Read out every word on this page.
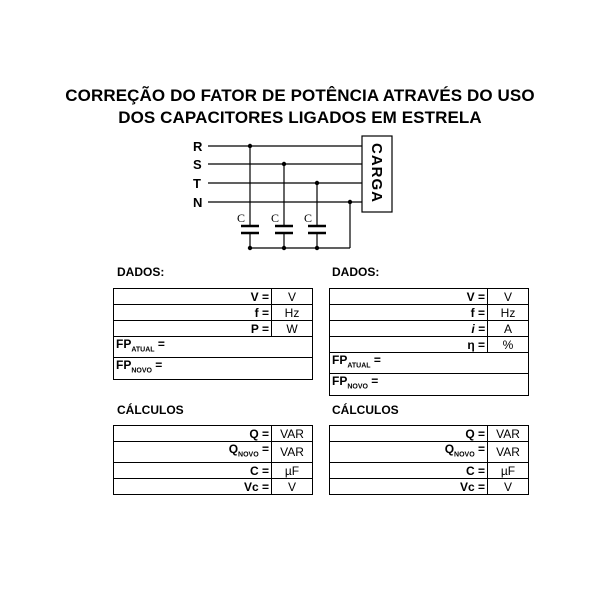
CORREÇÃO DO FATOR DE POTÊNCIA ATRAVÉS DO USO
DOS CAPACITORES LIGADOS EM ESTRELA
R
S
T
N	CARGA
C C C
DADOS:
V =	V
f =	Hz
P =	W
$FP_{ATUAL}$ =	
$FP_{NOVO}$ =	
CÁLCULOS
Q =	VAR
$Q_{NOVO}$ =	VAR
C =	µF
Vc =	V
DADOS:
V =	V
f =	Hz
i =	A
η =	%
$FP_{ATUAL}$ =	
$FP_{NOVO}$ =	
CÁLCULOS
Q =	VAR
$Q_{NOVO}$ =	VAR
C =	µF
Vc =	V
